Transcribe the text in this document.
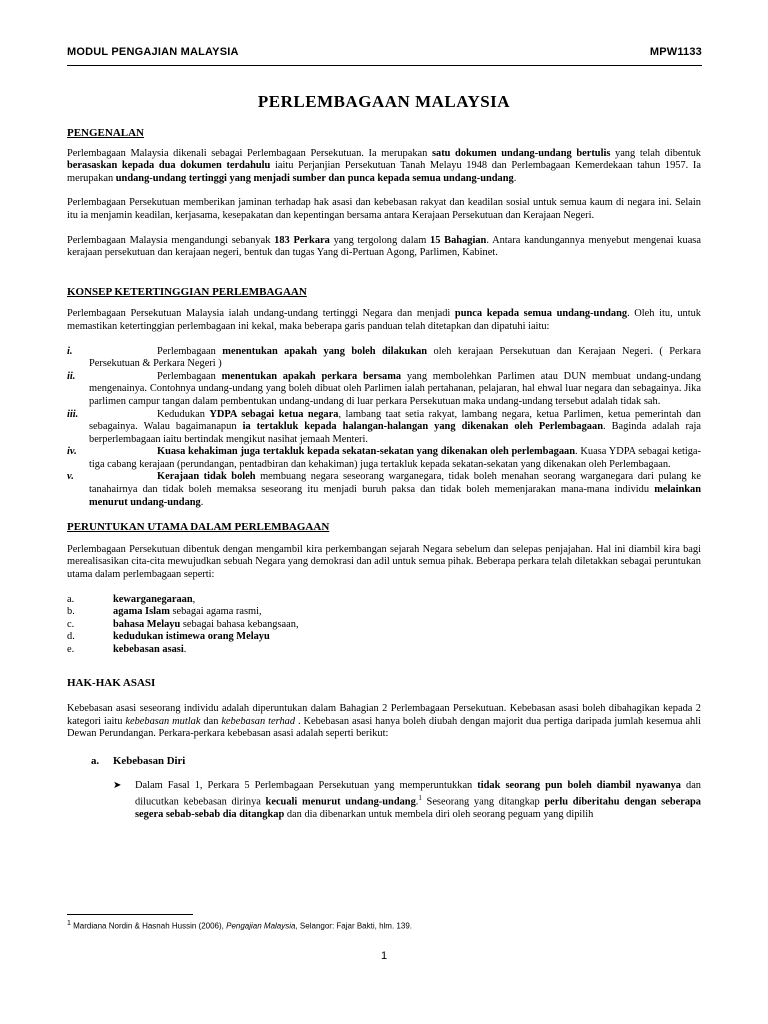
MODUL PENGAJIAN MALAYSIA	MPW1133
PERLEMBAGAAN MALAYSIA
PENGENALAN

Perlembagaan Malaysia dikenali sebagai Perlembagaan Persekutuan. Ia merupakan satu dokumen undang-undang bertulis yang telah dibentuk berasaskan kepada dua dokumen terdahulu iaitu Perjanjian Persekutuan Tanah Melayu 1948 dan Perlembagaan Kemerdekaan tahun 1957. Ia merupakan undang-undang tertinggi yang menjadi sumber dan punca kepada semua undang-undang.

Perlembagaan Persekutuan memberikan jaminan terhadap hak asasi dan kebebasan rakyat dan keadilan sosial untuk semua kaum di negara ini. Selain itu ia menjamin keadilan, kerjasama, kesepakatan dan kepentingan bersama antara Kerajaan Persekutuan dan Kerajaan Negeri.

Perlembagaan Malaysia mengandungi sebanyak 183 Perkara yang tergolong dalam 15 Bahagian. Antara kandungannya menyebut mengenai kuasa kerajaan persekutuan dan kerajaan negeri, bentuk dan tugas Yang di-Pertuan Agong, Parlimen, Kabinet.

KONSEP KETERTINGGIAN PERLEMBAGAAN

Perlembagaan Persekutuan Malaysia ialah undang-undang tertinggi Negara dan menjadi punca kepada semua undang-undang. Oleh itu, untuk memastikan ketertinggian perlembagaan ini kekal, maka beberapa garis panduan telah ditetapkan dan dipatuhi iaitu:

i.	Perlembagaan menentukan apakah yang boleh dilakukan oleh kerajaan Persekutuan dan Kerajaan Negeri. ( Perkara Persekutuan & Perkara Negeri )
ii.	Perlembagaan menentukan apakah perkara bersama yang membolehkan Parlimen atau DUN membuat undang-undang mengenainya. Contohnya undang-undang yang boleh dibuat oleh Parlimen ialah pertahanan, pelajaran, hal ehwal luar negara dan sebagainya. Jika parlimen campur tangan dalam pembentukan undang-undang di luar perkara Persekutuan maka undang-undang tersebut adalah tidak sah.
iii.	Kedudukan YDPA sebagai ketua negara, lambang taat setia rakyat, lambang negara, ketua Parlimen, ketua pemerintah dan sebagainya. Walau bagaimanapun ia tertakluk kepada halangan-halangan yang dikenakan oleh Perlembagaan. Baginda adalah raja berperlembagaan iaitu bertindak mengikut nasihat jemaah Menteri.
iv.	Kuasa kehakiman juga tertakluk kepada sekatan-sekatan yang dikenakan oleh perlembagaan. Kuasa YDPA sebagai ketiga-tiga cabang kerajaan (perundangan, pentadbiran dan kehakiman) juga tertakluk kepada sekatan-sekatan yang dikenakan oleh Perlembagaan.
v.	Kerajaan tidak boleh membuang negara seseorang warganegara, tidak boleh menahan seorang warganegara dari pulang ke tanahairnya dan tidak boleh memaksa seseorang itu menjadi buruh paksa dan tidak boleh memenjarakan mana-mana individu melainkan menurut undang-undang.
PERUNTUKAN UTAMA DALAM PERLEMBAGAAN

Perlembagaan Persekutuan dibentuk dengan mengambil kira perkembangan sejarah Negara sebelum dan selepas penjajahan. Hal ini diambil kira bagi merealisasikan cita-cita mewujudkan sebuah Negara yang demokrasi dan adil untuk semua pihak. Beberapa perkara telah diletakkan sebagai peruntukan utama dalam perlembagaan seperti:

a.	kewarganegaraan,
b.	agama Islam sebagai agama rasmi,
c.	bahasa Melayu sebagai bahasa kebangsaan,
d.	kedudukan istimewa orang Melayu
e.	kebebasan asasi.
HAK-HAK ASASI

Kebebasan asasi seseorang individu adalah diperuntukan dalam Bahagian 2 Perlembagaan Persekutuan. Kebebasan asasi boleh dibahagikan kepada 2 kategori iaitu kebebasan mutlak dan kebebasan terhad . Kebebasan asasi hanya boleh diubah dengan majorit dua pertiga daripada jumlah kesemua ahli Dewan Perundangan. Perkara-perkara kebebasan asasi adalah seperti berikut:

a.	Kebebasan Diri
➤	Dalam Fasal 1, Perkara 5 Perlembagaan Persekutuan yang memperuntukkan tidak seorang pun boleh diambil nyawanya dan dilucutkan kebebasan dirinya kecuali menurut undang-undang.$^1$ Seseorang yang ditangkap perlu diberitahu dengan seberapa segera sebab-sebab dia ditangkap dan dia dibenarkan untuk membela diri oleh seorang peguam yang dipilih
$^1$ Mardiana Nordin & Hasnah Hussin (2006), Pengajian Malaysia, Selangor: Fajar Bakti, hlm. 139.
1
